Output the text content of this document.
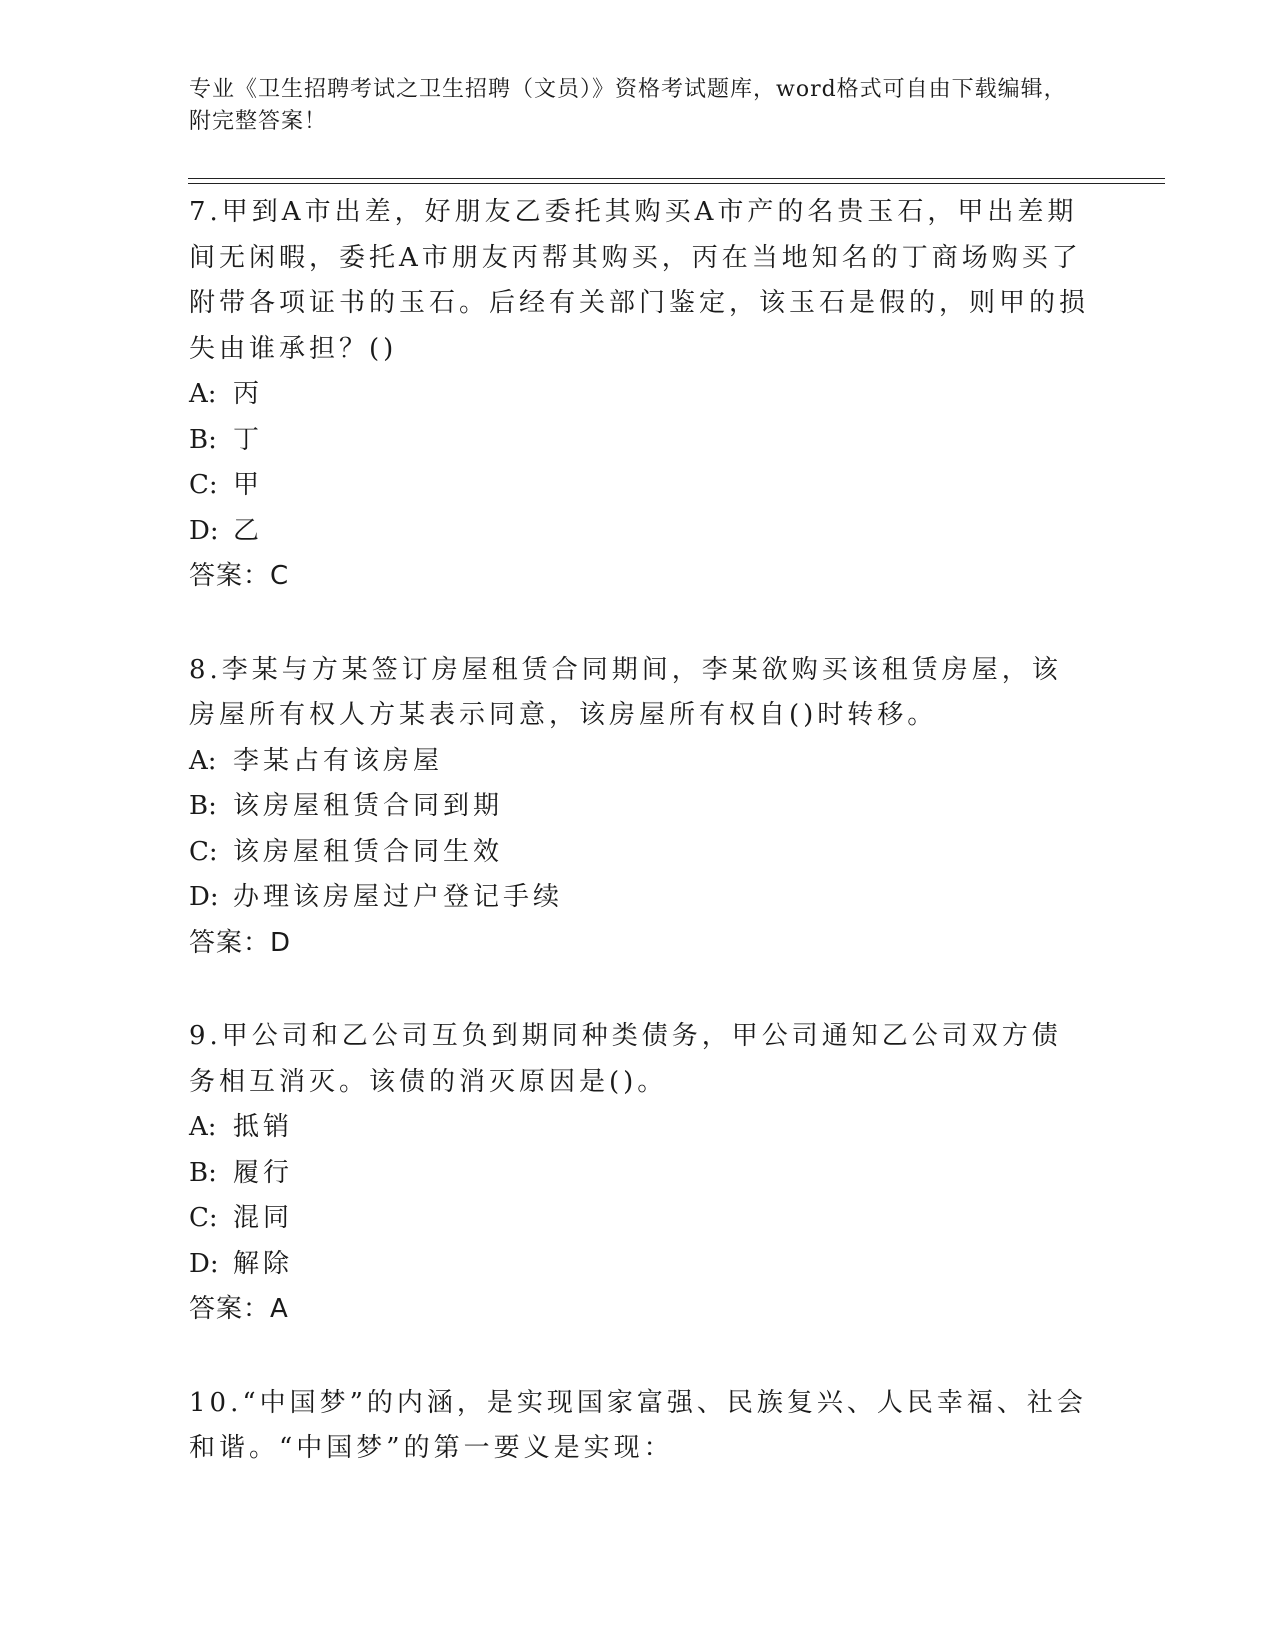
专业《卫生招聘考试之卫生招聘（文员）》资格考试题库，word格式可自由下载编辑，附完整答案！

7.甲到A市出差，好朋友乙委托其购买A市产的名贵玉石，甲出差期间无闲暇，委托A市朋友丙帮其购买，丙在当地知名的丁商场购买了附带各项证书的玉石。后经有关部门鉴定，该玉石是假的，则甲的损失由谁承担？()

A: 丙
B: 丁
C: 甲
D: 乙
答案：C

8.李某与方某签订房屋租赁合同期间，李某欲购买该租赁房屋，该房屋所有权人方某表示同意，该房屋所有权自()时转移。

A: 李某占有该房屋
B: 该房屋租赁合同到期
C: 该房屋租赁合同生效
D: 办理该房屋过户登记手续
答案：D

9.甲公司和乙公司互负到期同种类债务，甲公司通知乙公司双方债务相互消灭。该债的消灭原因是()。

A: 抵销
B: 履行
C: 混同
D: 解除
答案：A

10.“中国梦”的内涵，是实现国家富强、民族复兴、人民幸福、社会和谐。“中国梦”的第一要义是实现：
